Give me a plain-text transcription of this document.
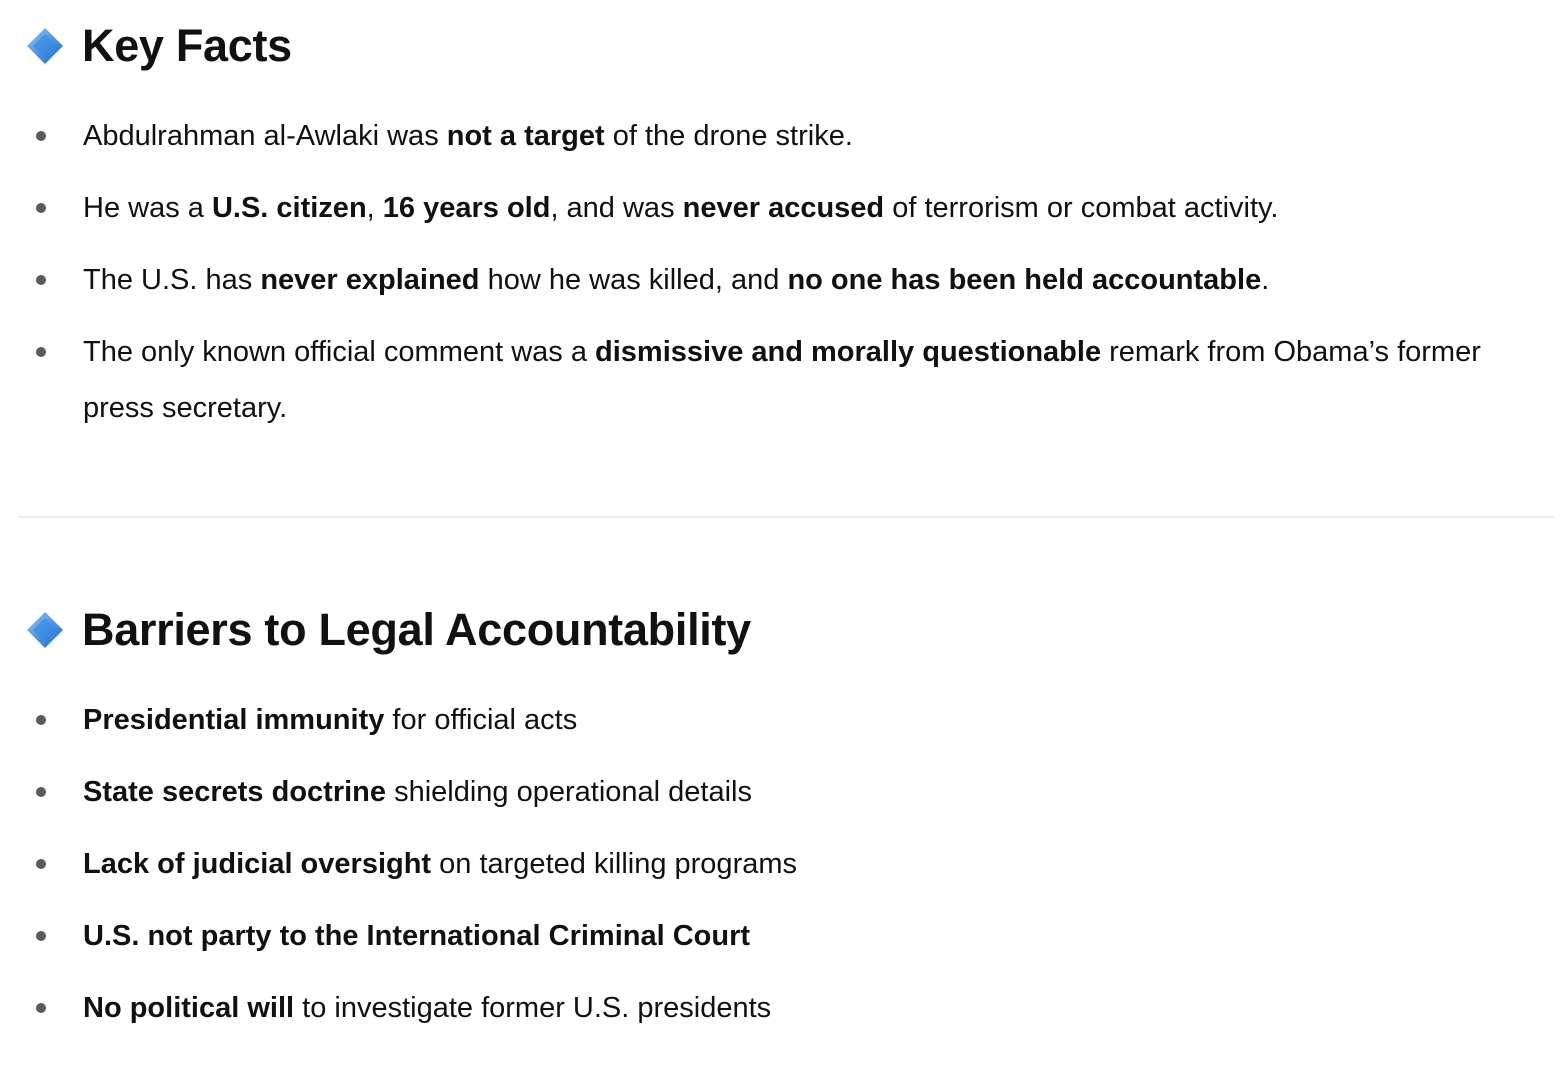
Key Facts
Abdulrahman al-Awlaki was not a target of the drone strike.
He was a U.S. citizen, 16 years old, and was never accused of terrorism or combat activity.
The U.S. has never explained how he was killed, and no one has been held accountable.
The only known official comment was a dismissive and morally questionable remark from Obama’s former press secretary.
Barriers to Legal Accountability
Presidential immunity for official acts
State secrets doctrine shielding operational details
Lack of judicial oversight on targeted killing programs
U.S. not party to the International Criminal Court
No political will to investigate former U.S. presidents
